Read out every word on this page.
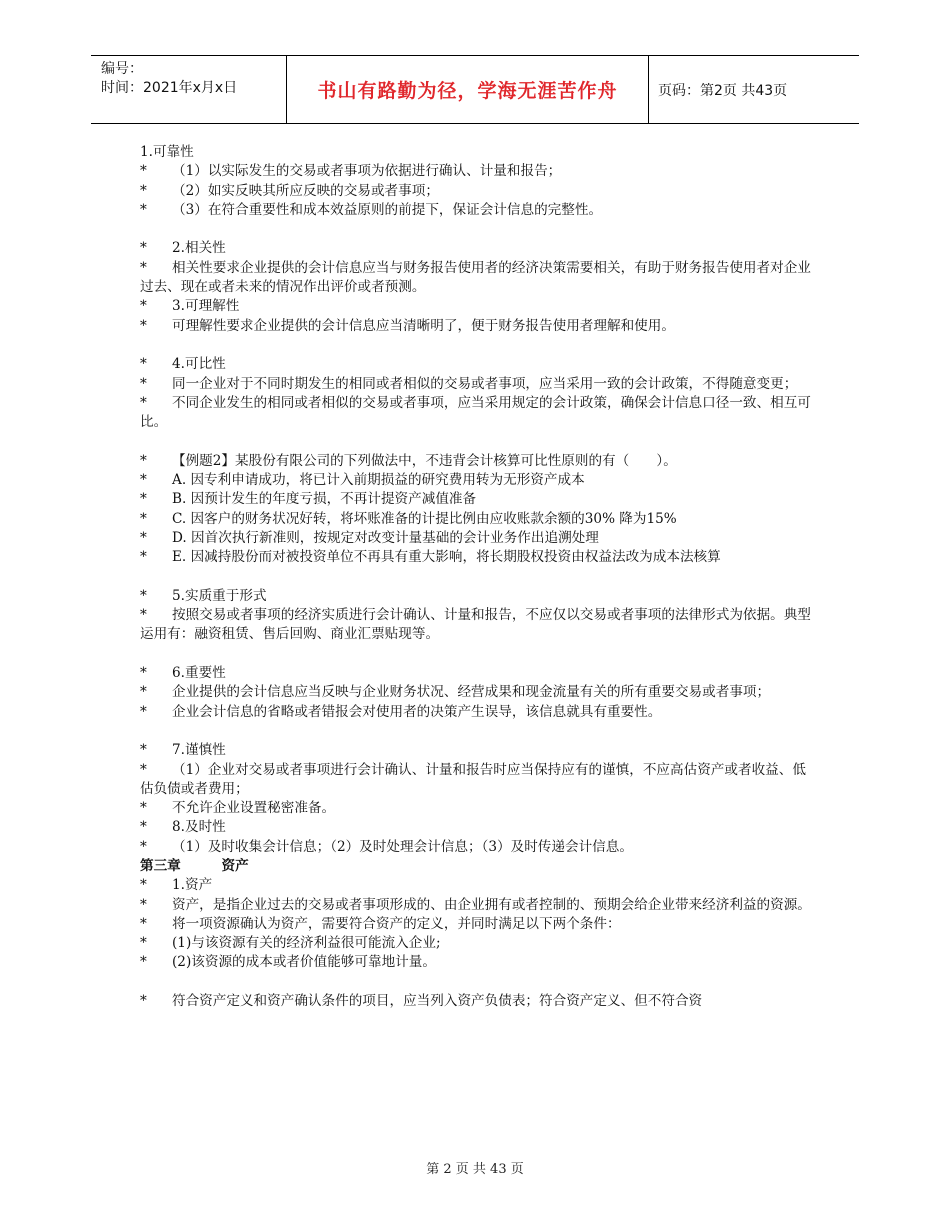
编号：
时间：2021年x月x日	书山有路勤为径，学海无涯苦作舟	页码：第2页 共43页
1.可靠性
*	（1）以实际发生的交易或者事项为依据进行确认、计量和报告；
*	（2）如实反映其所应反映的交易或者事项；
*	（3）在符合重要性和成本效益原则的前提下，保证会计信息的完整性。
*	2.相关性
*	相关性要求企业提供的会计信息应当与财务报告使用者的经济决策需要相关，有助于财务报告使用者对企业过去、现在或者未来的情况作出评价或者预测。
*	3.可理解性
*	可理解性要求企业提供的会计信息应当清晰明了，便于财务报告使用者理解和使用。
*	4.可比性
*	同一企业对于不同时期发生的相同或者相似的交易或者事项，应当采用一致的会计政策，不得随意变更；
*	不同企业发生的相同或者相似的交易或者事项，应当采用规定的会计政策，确保会计信息口径一致、相互可比。
*	【例题2】某股份有限公司的下列做法中，不违背会计核算可比性原则的有（　　）。
*	A. 因专利申请成功，将已计入前期损益的研究费用转为无形资产成本
*	B. 因预计发生的年度亏损，不再计提资产减值准备
*	C. 因客户的财务状况好转，将坏账准备的计提比例由应收账款余额的30% 降为15%
*	D. 因首次执行新准则，按规定对改变计量基础的会计业务作出追溯处理
*	E. 因减持股份而对被投资单位不再具有重大影响，将长期股权投资由权益法改为成本法核算
*	5.实质重于形式
*	按照交易或者事项的经济实质进行会计确认、计量和报告，不应仅以交易或者事项的法律形式为依据。典型运用有：融资租赁、售后回购、商业汇票贴现等。
*	6.重要性
*	企业提供的会计信息应当反映与企业财务状况、经营成果和现金流量有关的所有重要交易或者事项；
*	企业会计信息的省略或者错报会对使用者的决策产生误导，该信息就具有重要性。
*	7.谨慎性
*	（1）企业对交易或者事项进行会计确认、计量和报告时应当保持应有的谨慎，不应高估资产或者收益、低估负债或者费用；
*	不允许企业设置秘密准备。
*	8.及时性
*	（1）及时收集会计信息；（2）及时处理会计信息；（3）及时传递会计信息。
第三章　　　资产
*	1.资产
*	资产，是指企业过去的交易或者事项形成的、由企业拥有或者控制的、预期会给企业带来经济利益的资源。
*	将一项资源确认为资产，需要符合资产的定义，并同时满足以下两个条件：
*	(1)与该资源有关的经济利益很可能流入企业;
*	(2)该资源的成本或者价值能够可靠地计量。
*	符合资产定义和资产确认条件的项目，应当列入资产负债表；符合资产定义、但不符合资
第 2 页 共 43 页
